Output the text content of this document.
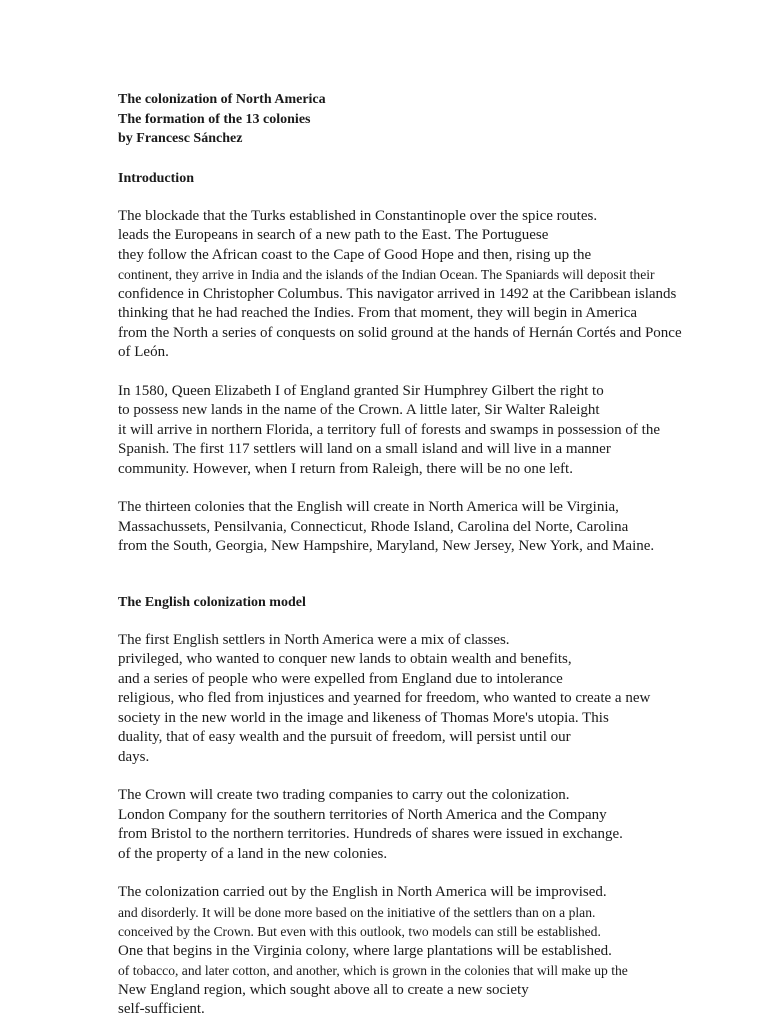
The colonization of North America
The formation of the 13 colonies
by Francesc Sánchez
Introduction
The blockade that the Turks established in Constantinople over the spice routes.
leads the Europeans in search of a new path to the East. The Portuguese
they follow the African coast to the Cape of Good Hope and then, rising up the
continent, they arrive in India and the islands of the Indian Ocean. The Spaniards will deposit their
confidence in Christopher Columbus. This navigator arrived in 1492 at the Caribbean islands
thinking that he had reached the Indies. From that moment, they will begin in America
from the North a series of conquests on solid ground at the hands of Hernán Cortés and Ponce
of León.
In 1580, Queen Elizabeth I of England granted Sir Humphrey Gilbert the right to
to possess new lands in the name of the Crown. A little later, Sir Walter Raleight
it will arrive in northern Florida, a territory full of forests and swamps in possession of the
Spanish. The first 117 settlers will land on a small island and will live in a manner
community. However, when I return from Raleigh, there will be no one left.
The thirteen colonies that the English will create in North America will be Virginia,
Massachussets, Pensilvania, Connecticut, Rhode Island, Carolina del Norte, Carolina
from the South, Georgia, New Hampshire, Maryland, New Jersey, New York, and Maine.
The English colonization model
The first English settlers in North America were a mix of classes.
privileged, who wanted to conquer new lands to obtain wealth and benefits,
and a series of people who were expelled from England due to intolerance
religious, who fled from injustices and yearned for freedom, who wanted to create a new
society in the new world in the image and likeness of Thomas More's utopia. This
duality, that of easy wealth and the pursuit of freedom, will persist until our
days.
The Crown will create two trading companies to carry out the colonization.
London Company for the southern territories of North America and the Company
from Bristol to the northern territories. Hundreds of shares were issued in exchange.
of the property of a land in the new colonies.
The colonization carried out by the English in North America will be improvised.
and disorderly. It will be done more based on the initiative of the settlers than on a plan.
conceived by the Crown. But even with this outlook, two models can still be established.
One that begins in the Virginia colony, where large plantations will be established.
of tobacco, and later cotton, and another, which is grown in the colonies that will make up the
New England region, which sought above all to create a new society
self-sufficient.
